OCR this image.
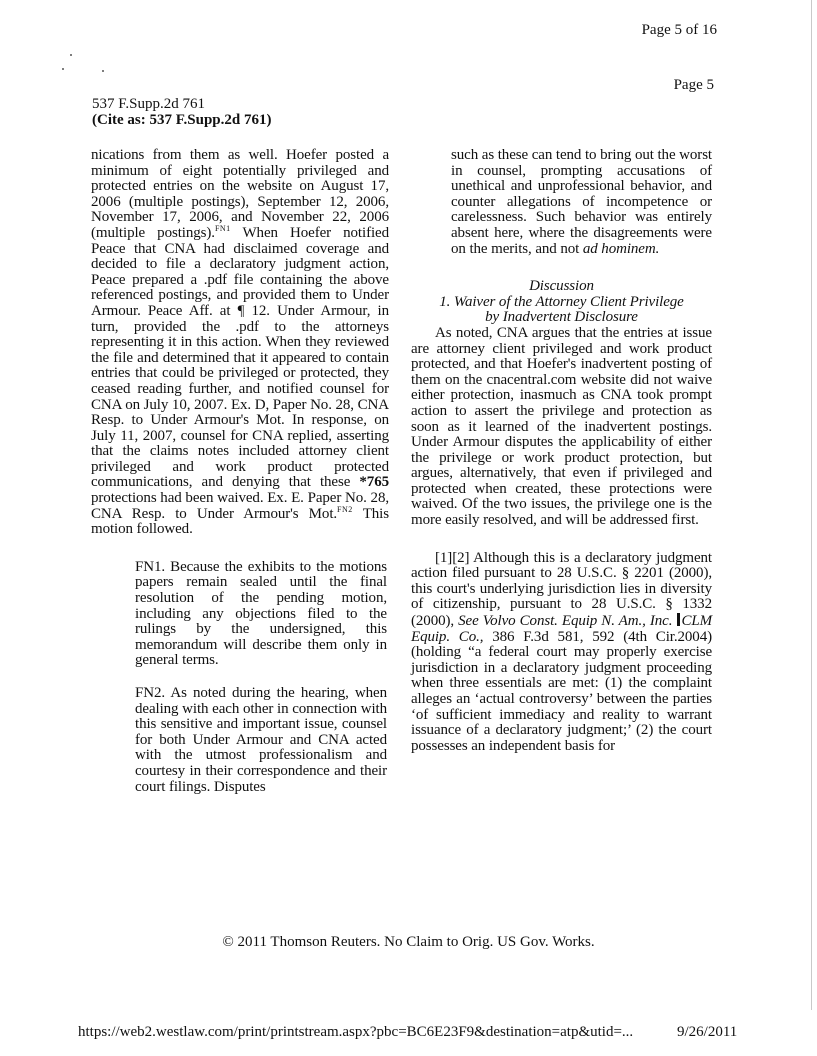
Page 5 of 16
Page 5
537 F.Supp.2d 761
(Cite as: 537 F.Supp.2d 761)

nications from them as well. Hoefer posted a minimum of eight potentially privileged and protected entries on the website on August 17, 2006 (multiple postings), September 12, 2006, November 17, 2006, and November 22, 2006 (multiple postings).$^{FN1}$ When Hoefer notified Peace that CNA had disclaimed coverage and decided to file a declaratory judgment action, Peace prepared a .pdf file containing the above referenced postings, and provided them to Under Armour. Peace Aff. at ¶ 12. Under Armour, in turn, provided the .pdf to the attorneys representing it in this action. When they reviewed the file and determined that it appeared to contain entries that could be privileged or protected, they ceased reading further, and notified counsel for CNA on July 10, 2007. Ex. D, Paper No. 28, CNA Resp. to Under Armour's Mot. In response, on July 11, 2007, counsel for CNA replied, asserting that the claims notes included attorney client privileged and work product protected communications, and denying that these *765 protections had been waived. Ex. E. Paper No. 28, CNA Resp. to Under Armour's Mot.$^{FN2}$ This motion followed.

FN1. Because the exhibits to the motions papers remain sealed until the final resolution of the pending motion, including any objections filed to the rulings by the undersigned, this memorandum will describe them only in general terms.

FN2. As noted during the hearing, when dealing with each other in connection with this sensitive and important issue, counsel for both Under Armour and CNA acted with the utmost professionalism and courtesy in their correspondence and their court filings. Disputes

such as these can tend to bring out the worst in counsel, prompting accusations of unethical and unprofessional behavior, and counter allegations of incompetence or carelessness. Such behavior was entirely absent here, where the disagreements were on the merits, and not ad hominem.

Discussion
1. Waiver of the Attorney Client Privilege
by Inadvertent Disclosure

As noted, CNA argues that the entries at issue are attorney client privileged and work product protected, and that Hoefer's inadvertent posting of them on the cnacentral.com website did not waive either protection, inasmuch as CNA took prompt action to assert the privilege and protection as soon as it learned of the inadvertent postings. Under Armour disputes the applicability of either the privilege or work product protection, but argues, alternatively, that even if privileged and protected when created, these protections were waived. Of the two issues, the privilege one is the more easily resolved, and will be addressed first.

[1][2] Although this is a declaratory judgment action filed pursuant to 28 U.S.C. § 2201 (2000), this court's underlying jurisdiction lies in diversity of citizenship, pursuant to 28 U.S.C. § 1332 (2000), See Volvo Const. Equip N. Am., Inc. CLM Equip. Co., 386 F.3d 581, 592 (4th Cir.2004) (holding “a federal court may properly exercise jurisdiction in a declaratory judgment proceeding when three essentials are met: (1) the complaint alleges an ‘actual controversy’ between the parties ‘of sufficient immediacy and reality to warrant issuance of a declaratory judgment;’ (2) the court possesses an independent basis for

© 2011 Thomson Reuters. No Claim to Orig. US Gov. Works.
https://web2.westlaw.com/print/printstream.aspx?pbc=BC6E23F9&destination=atp&utid=...	9/26/2011
